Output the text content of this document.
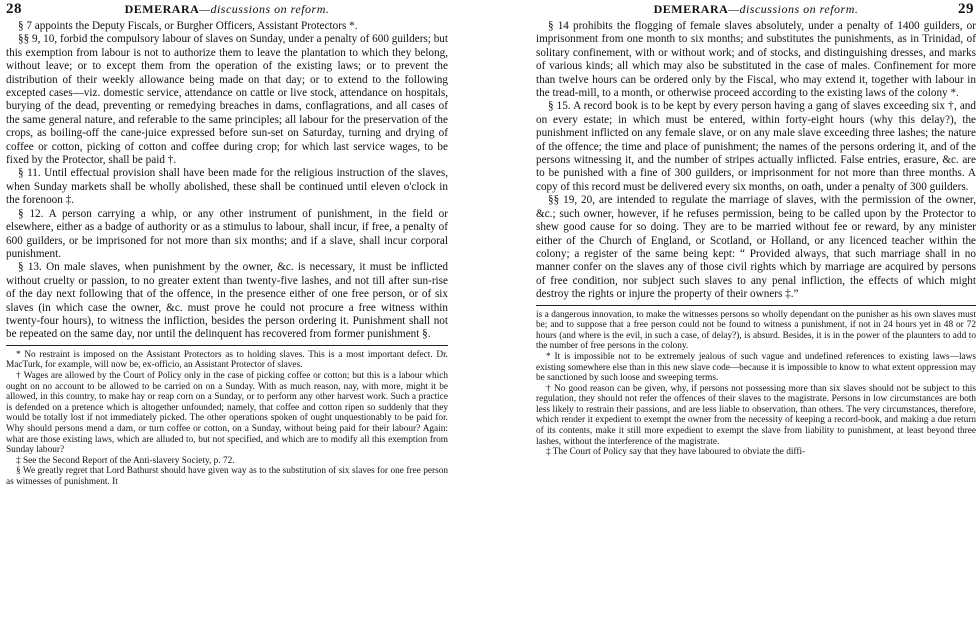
28	DEMERARA—discussions on reform.

§ 7 appoints the Deputy Fiscals, or Burgher Officers, Assistant Protectors *.

§§ 9, 10, forbid the compulsory labour of slaves on Sunday, under a penalty of 600 guilders; but this exemption from labour is not to authorize them to leave the plantation to which they belong, without leave; or to except them from the operation of the existing laws; or to prevent the distribution of their weekly allowance being made on that day; or to extend to the following excepted cases—viz. domestic service, attendance on cattle or live stock, attendance on hospitals, burying of the dead, preventing or remedying breaches in dams, conflagrations, and all cases of the same general nature, and referable to the same principles; all labour for the preservation of the crops, as boiling-off the cane-juice expressed before sun-set on Saturday, turning and drying of coffee or cotton, picking of cotton and coffee during crop; for which last service wages, to be fixed by the Protector, shall be paid †.

§ 11. Until effectual provision shall have been made for the religious instruction of the slaves, when Sunday markets shall be wholly abolished, these shall be continued until eleven o'clock in the forenoon ‡.

§ 12. A person carrying a whip, or any other instrument of punishment, in the field or elsewhere, either as a badge of authority or as a stimulus to labour, shall incur, if free, a penalty of 600 guilders, or be imprisoned for not more than six months; and if a slave, shall incur corporal punishment.

§ 13. On male slaves, when punishment by the owner, &c. is necessary, it must be inflicted without cruelty or passion, to no greater extent than twenty-five lashes, and not till after sun-rise of the day next following that of the offence, in the presence either of one free person, or of six slaves (in which case the owner, &c. must prove he could not procure a free witness within twenty-four hours), to witness the infliction, besides the person ordering it. Punishment shall not be repeated on the same day, nor until the delinquent has recovered from former punishment §.

* No restraint is imposed on the Assistant Protectors as to holding slaves. This is a most important defect. Dr. MacTurk, for example, will now be, ex-officio, an Assistant Protector of slaves.

† Wages are allowed by the Court of Policy only in the case of picking coffee or cotton; but this is a labour which ought on no account to be allowed to be carried on on a Sunday. With as much reason, nay, with more, might it be allowed, in this country, to make hay or reap corn on a Sunday, or to perform any other harvest work. Such a practice is defended on a pretence which is altogether unfounded; namely, that coffee and cotton ripen so suddenly that they would be totally lost if not immediately picked. The other operations spoken of ought unquestionably to be paid for. Why should persons mend a dam, or turn coffee or cotton, on a Sunday, without being paid for their labour? Again: what are those existing laws, which are alluded to, but not specified, and which are to modify all this exemption from Sunday labour?

‡ See the Second Report of the Anti-slavery Society, p. 72.

§ We greatly regret that Lord Bathurst should have given way as to the substitution of six slaves for one free person as witnesses of punishment. It

DEMERARA—discussions on reform.	29

§ 14 prohibits the flogging of female slaves absolutely, under a penalty of 1400 guilders, or imprisonment from one month to six months; and substitutes the punishments, as in Trinidad, of solitary confinement, with or without work; and of stocks, and distinguishing dresses, and marks of various kinds; all which may also be substituted in the case of males. Confinement for more than twelve hours can be ordered only by the Fiscal, who may extend it, together with labour in the tread-mill, to a month, or otherwise proceed according to the existing laws of the colony *.

§ 15. A record book is to be kept by every person having a gang of slaves exceeding six †, and on every estate; in which must be entered, within forty-eight hours (why this delay?), the punishment inflicted on any female slave, or on any male slave exceeding three lashes; the nature of the offence; the time and place of punishment; the names of the persons ordering it, and of the persons witnessing it, and the number of stripes actually inflicted. False entries, erasure, &c. are to be punished with a fine of 300 guilders, or imprisonment for not more than three months. A copy of this record must be delivered every six months, on oath, under a penalty of 300 guilders.

§§ 19, 20, are intended to regulate the marriage of slaves, with the permission of the owner, &c.; such owner, however, if he refuses permission, being to be called upon by the Protector to shew good cause for so doing. They are to be married without fee or reward, by any minister either of the Church of England, or Scotland, or Holland, or any licenced teacher within the colony; a register of the same being kept: “ Provided always, that such marriage shall in no manner confer on the slaves any of those civil rights which by marriage are acquired by persons of free condition, nor subject such slaves to any penal infliction, the effects of which might destroy the rights or injure the property of their owners ‡.”

is a dangerous innovation, to make the witnesses persons so wholly dependant on the punisher as his own slaves must be; and to suppose that a free person could not be found to witness a punishment, if not in 24 hours yet in 48 or 72 hours (and where is the evil, in such a case, of delay?), is absurd. Besides, it is in the power of the plaunters to add to the number of free persons in the colony.

* It is impossible not to be extremely jealous of such vague and undefined references to existing laws—laws existing somewhere else than in this new slave code—because it is impossible to know to what extent oppression may be sanctioned by such loose and sweeping terms.

† No good reason can be given, why, if persons not possessing more than six slaves should not be subject to this regulation, they should not refer the offences of their slaves to the magistrate. Persons in low circumstances are both less likely to restrain their passions, and are less liable to observation, than others. The very circumstances, therefore, which render it expedient to exempt the owner from the necessity of keeping a record-book, and making a due return of its contents, make it still more expedient to exempt the slave from liability to punishment, at least beyond three lashes, without the interference of the magistrate.

‡ The Court of Policy say that they have laboured to obviate the diffi-
